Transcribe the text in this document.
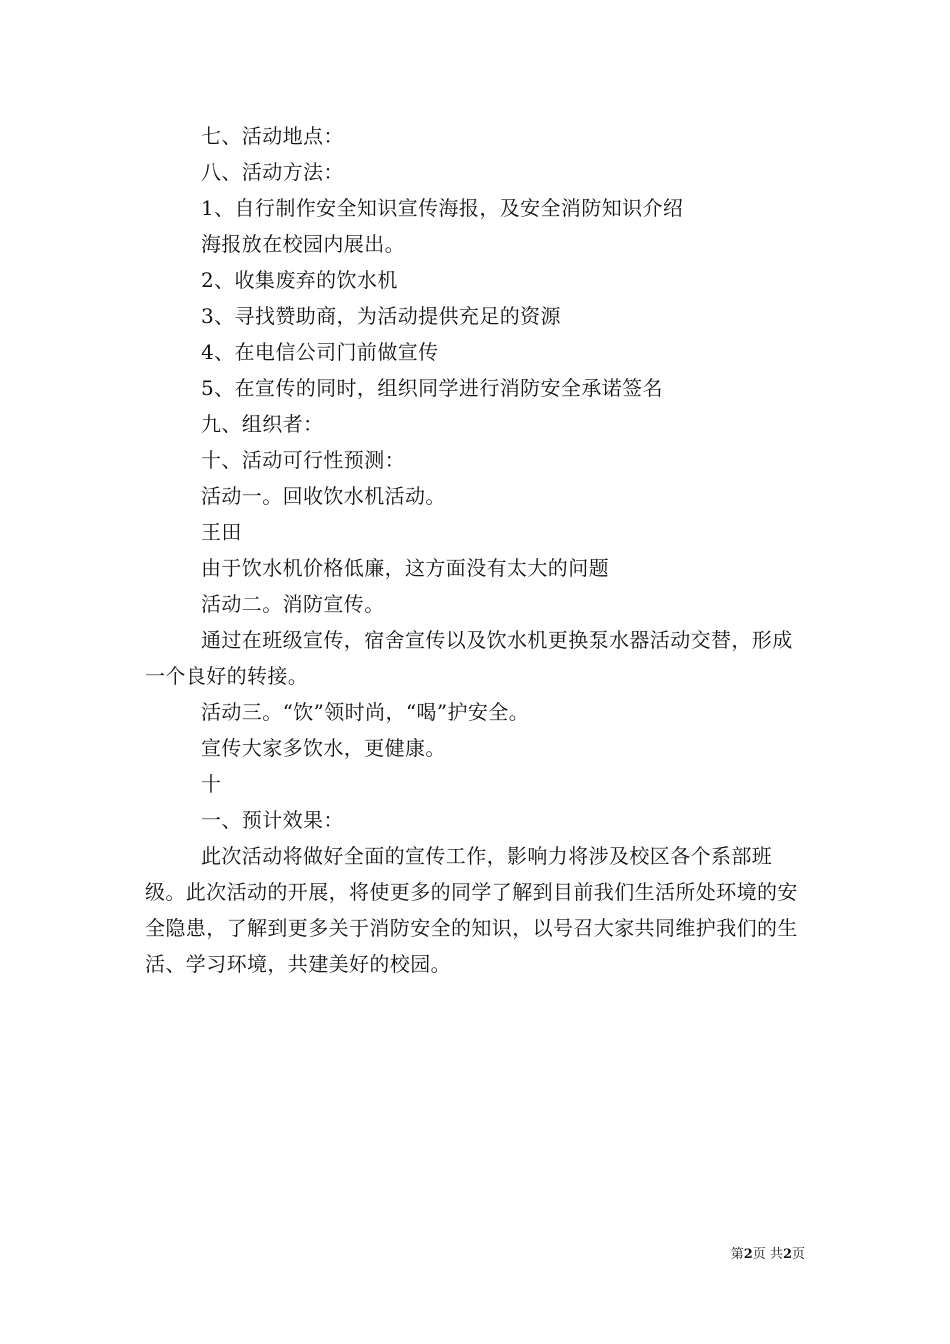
七、活动地点：

八、活动方法：

1、自行制作安全知识宣传海报，及安全消防知识介绍

海报放在校园内展出。

2、收集废弃的饮水机

3、寻找赞助商，为活动提供充足的资源

4、在电信公司门前做宣传

5、在宣传的同时，组织同学进行消防安全承诺签名

九、组织者：

十、活动可行性预测：

活动一。回收饮水机活动。

王田

由于饮水机价格低廉，这方面没有太大的问题

活动二。消防宣传。

通过在班级宣传，宿舍宣传以及饮水机更换泵水器活动交替，形成一个良好的转接。

活动三。“饮”领时尚，“喝”护安全。

宣传大家多饮水，更健康。

十

一、预计效果：

此次活动将做好全面的宣传工作，影响力将涉及校区各个系部班级。此次活动的开展，将使更多的同学了解到目前我们生活所处环境的安全隐患，了解到更多关于消防安全的知识，以号召大家共同维护我们的生活、学习环境，共建美好的校园。

第2页 共2页
